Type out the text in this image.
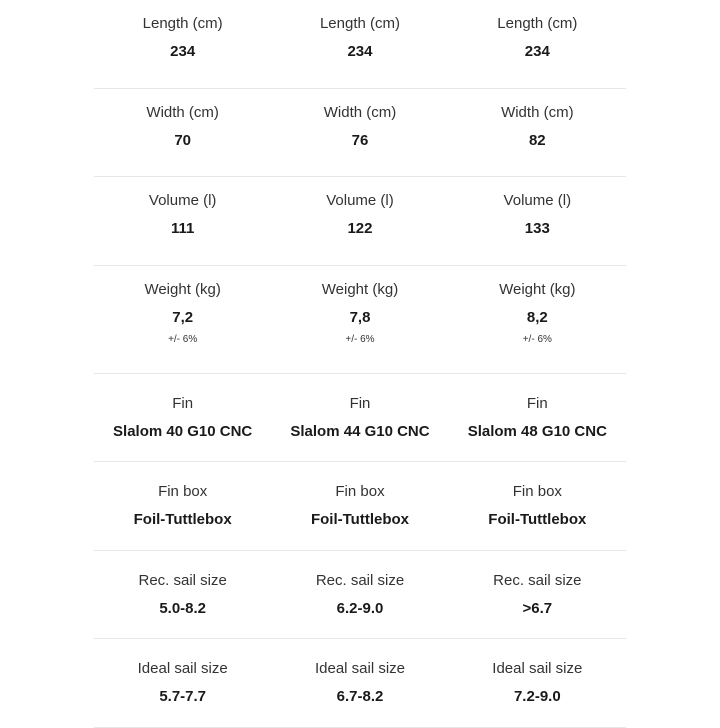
Length (cm)
234
Length (cm)
234
Length (cm)
234
Width (cm)
70
Width (cm)
76
Width (cm)
82
Volume (l)
111
Volume (l)
122
Volume (l)
133
Weight (kg)
7,2
+/- 6%
Weight (kg)
7,8
+/- 6%
Weight (kg)
8,2
+/- 6%
Fin
Slalom 40 G10 CNC
Fin
Slalom 44 G10 CNC
Fin
Slalom 48 G10 CNC
Fin box
Foil-Tuttlebox
Fin box
Foil-Tuttlebox
Fin box
Foil-Tuttlebox
Rec. sail size
5.0-8.2
Rec. sail size
6.2-9.0
Rec. sail size
>6.7
Ideal sail size
5.7-7.7
Ideal sail size
6.7-8.2
Ideal sail size
7.2-9.0
